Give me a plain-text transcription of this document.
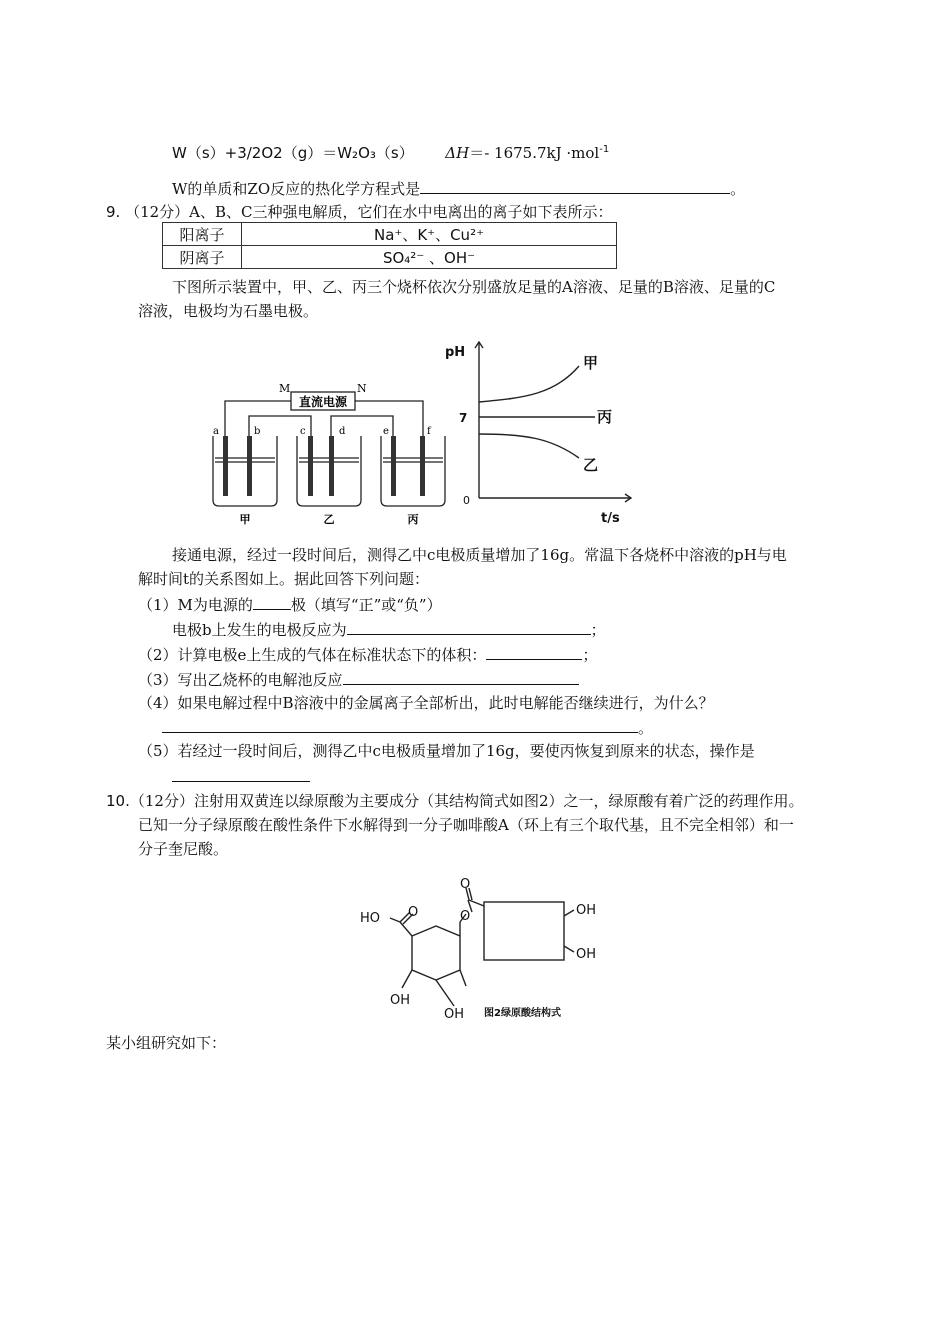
W（s）+3/2O2（g）＝W₂O₃（s） ΔH＝- 1675.7kJ ·mol$^{-1}$
W的单质和ZO反应的热化学方程式是	。
9. （12分）A、B、C三种强电解质，它们在水中电离出的离子如下表所示：
阳离子	Na⁺、K⁺、Cu²⁺
阴离子	SO₄²⁻ 、OH⁻
下图所示装置中，甲、乙、丙三个烧杯依次分别盛放足量的A溶液、足量的B溶液、足量的C
溶液，电极均为石墨电极。
直流电源
M	N
a	b	c	d	e	f
甲	乙	丙
pH
7
0
t/s
甲
丙
乙
接通电源，经过一段时间后，测得乙中c电极质量增加了16g。常温下各烧杯中溶液的pH与电
解时间t的关系图如上。据此回答下列问题：
（1）M为电源的	极（填写“正”或“负”）
电极b上发生的电极反应为	；
（2）计算电极e上生成的气体在标准状态下的体积：	；
（3）写出乙烧杯的电解池反应
（4）如果电解过程中B溶液中的金属离子全部析出，此时电解能否继续进行，为什么？
。
（5）若经过一段时间后，测得乙中c电极质量增加了16g，要使丙恢复到原来的状态，操作是
10.（12分）注射用双黄连以绿原酸为主要成分（其结构简式如图2）之一，绿原酸有着广泛的药理作用。
已知一分子绿原酸在酸性条件下水解得到一分子咖啡酸A（环上有三个取代基，且不完全相邻）和一
分子奎尼酸。
HO O	O
O
OH
OH
OH
OH 图2绿原酸结构式
某小组研究如下：
